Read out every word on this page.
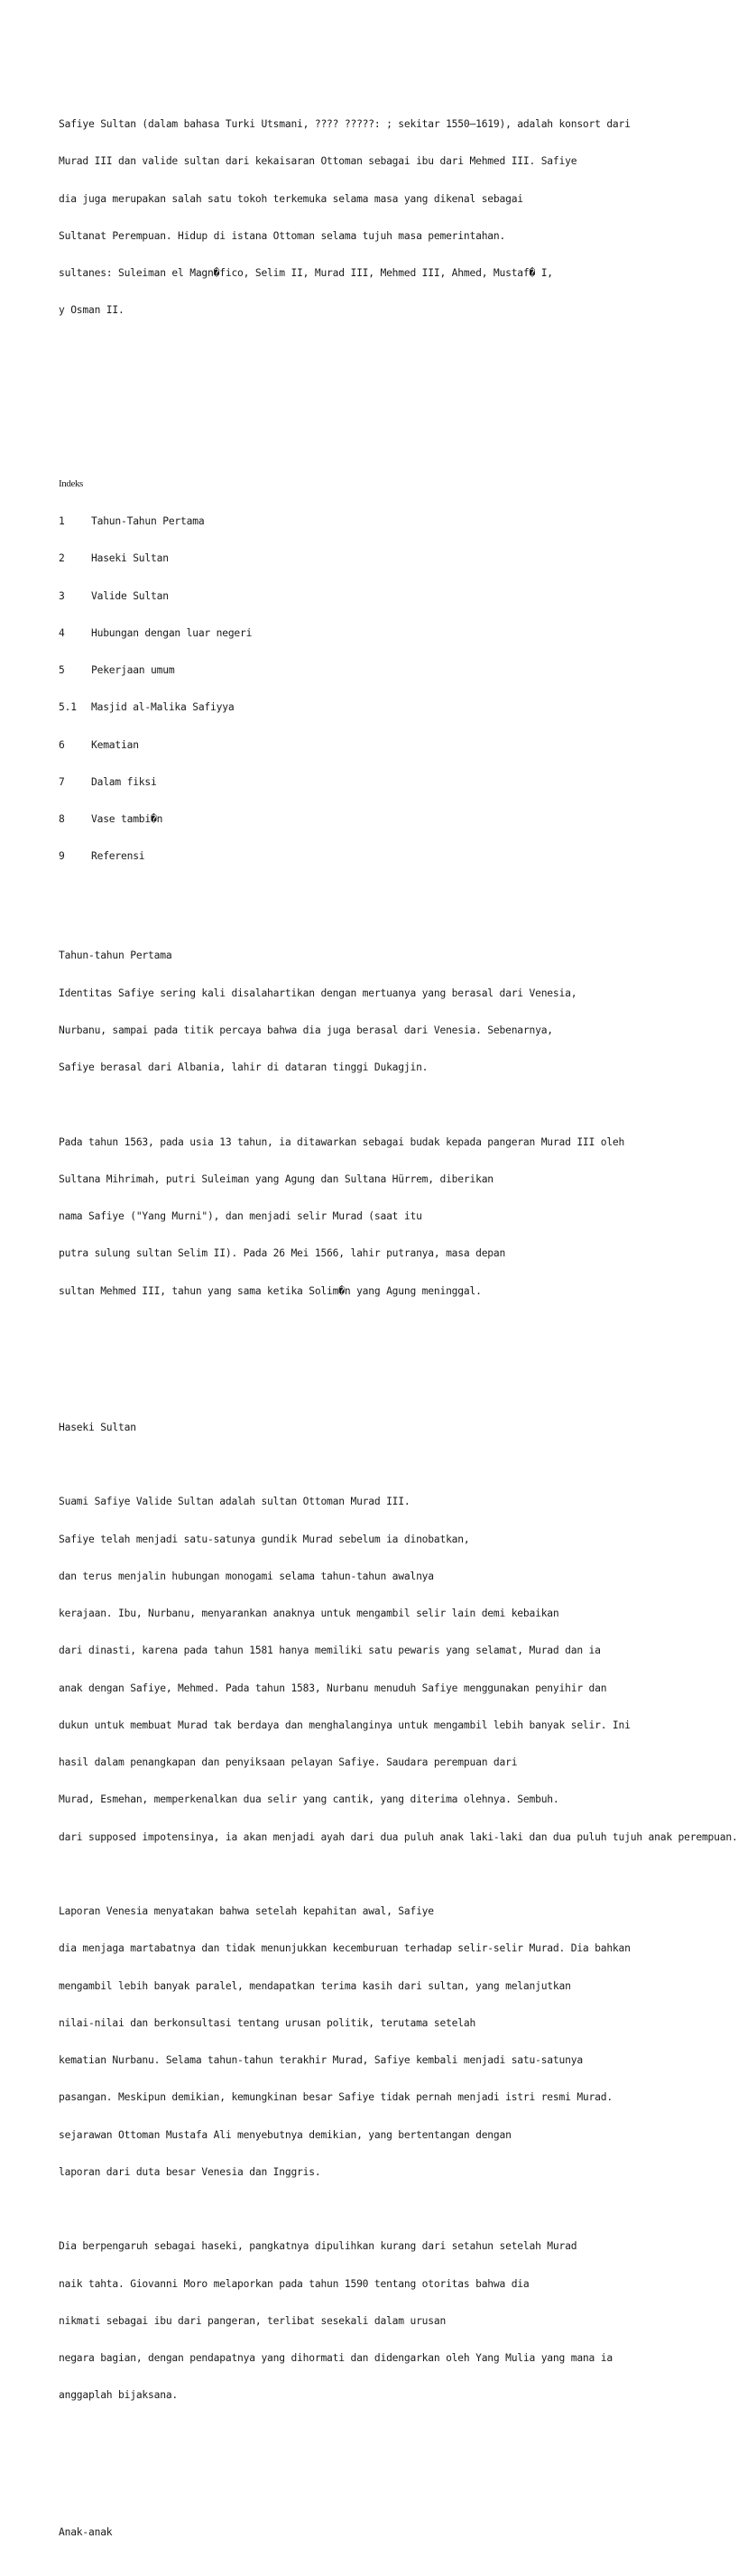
Safiye Sultan (dalam bahasa Turki Utsmani, ???? ?????: ; sekitar 1550–1619), adalah konsort dari

Murad III dan valide sultan dari kekaisaran Ottoman sebagai ibu dari Mehmed III. Safiye

dia juga merupakan salah satu tokoh terkemuka selama masa yang dikenal sebagai

Sultanat Perempuan. Hidup di istana Ottoman selama tujuh masa pemerintahan.

sultanes: Suleiman el Magn�fico, Selim II, Murad III, Mehmed III, Ahmed, Mustaf� I,

y Osman II.

Indeks

1	Tahun-Tahun Pertama

2	Haseki Sultan

3	Valide Sultan

4	Hubungan dengan luar negeri

5	Pekerjaan umum

5.1 Masjid al-Malika Safiyya

6	Kematian

7	Dalam fiksi

8	Vase tambi�n

9	Referensi

Tahun-tahun Pertama

Identitas Safiye sering kali disalahartikan dengan mertuanya yang berasal dari Venesia,

Nurbanu, sampai pada titik percaya bahwa dia juga berasal dari Venesia. Sebenarnya,

Safiye berasal dari Albania, lahir di dataran tinggi Dukagjin.

Pada tahun 1563, pada usia 13 tahun, ia ditawarkan sebagai budak kepada pangeran Murad III oleh

Sultana Mihrimah, putri Suleiman yang Agung dan Sultana Hürrem, diberikan

nama Safiye ("Yang Murni"), dan menjadi selir Murad (saat itu

putra sulung sultan Selim II). Pada 26 Mei 1566, lahir putranya, masa depan

sultan Mehmed III, tahun yang sama ketika Solim�n yang Agung meninggal.

Haseki Sultan

Suami Safiye Valide Sultan adalah sultan Ottoman Murad III.

Safiye telah menjadi satu-satunya gundik Murad sebelum ia dinobatkan,

dan terus menjalin hubungan monogami selama tahun-tahun awalnya

kerajaan. Ibu, Nurbanu, menyarankan anaknya untuk mengambil selir lain demi kebaikan

dari dinasti, karena pada tahun 1581 hanya memiliki satu pewaris yang selamat, Murad dan ia

anak dengan Safiye, Mehmed. Pada tahun 1583, Nurbanu menuduh Safiye menggunakan penyihir dan

dukun untuk membuat Murad tak berdaya dan menghalanginya untuk mengambil lebih banyak selir. Ini

hasil dalam penangkapan dan penyiksaan pelayan Safiye. Saudara perempuan dari

Murad, Esmehan, memperkenalkan dua selir yang cantik, yang diterima olehnya. Sembuh.

dari supposed impotensinya, ia akan menjadi ayah dari dua puluh anak laki-laki dan dua puluh tujuh anak perempuan.

Laporan Venesia menyatakan bahwa setelah kepahitan awal, Safiye

dia menjaga martabatnya dan tidak menunjukkan kecemburuan terhadap selir-selir Murad. Dia bahkan

mengambil lebih banyak paralel, mendapatkan terima kasih dari sultan, yang melanjutkan

nilai-nilai dan berkonsultasi tentang urusan politik, terutama setelah

kematian Nurbanu. Selama tahun-tahun terakhir Murad, Safiye kembali menjadi satu-satunya

pasangan. Meskipun demikian, kemungkinan besar Safiye tidak pernah menjadi istri resmi Murad.

sejarawan Ottoman Mustafa Ali menyebutnya demikian, yang bertentangan dengan

laporan dari duta besar Venesia dan Inggris.

Dia berpengaruh sebagai haseki, pangkatnya dipulihkan kurang dari setahun setelah Murad

naik tahta. Giovanni Moro melaporkan pada tahun 1590 tentang otoritas bahwa dia

nikmati sebagai ibu dari pangeran, terlibat sesekali dalam urusan

negara bagian, dengan pendapatnya yang dihormati dan didengarkan oleh Yang Mulia yang mana ia

anggaplah bijaksana.

Anak-anak
